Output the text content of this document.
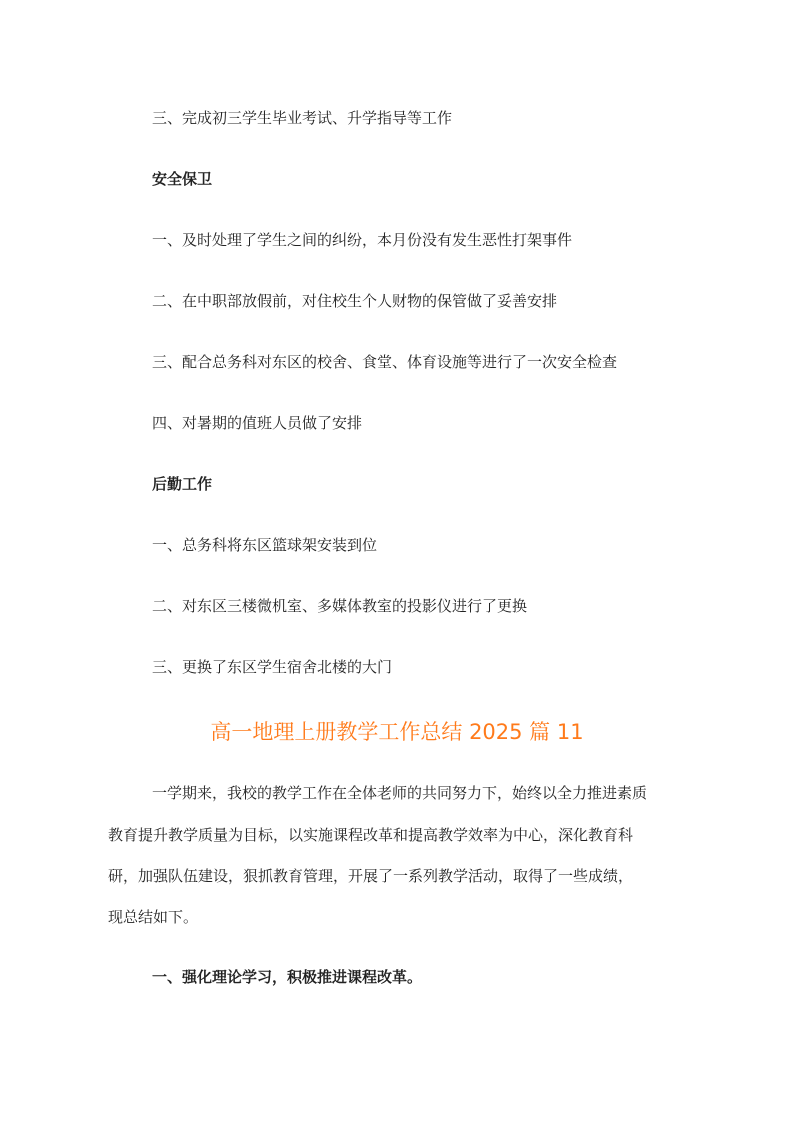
三、完成初三学生毕业考试、升学指导等工作
安全保卫
一、及时处理了学生之间的纠纷，本月份没有发生恶性打架事件
二、在中职部放假前，对住校生个人财物的保管做了妥善安排
三、配合总务科对东区的校舍、食堂、体育设施等进行了一次安全检查
四、对暑期的值班人员做了安排
后勤工作
一、总务科将东区篮球架安装到位
二、对东区三楼微机室、多媒体教室的投影仪进行了更换
三、更换了东区学生宿舍北楼的大门
高一地理上册教学工作总结 2025 篇 11
一学期来，我校的教学工作在全体老师的共同努力下，始终以全力推进素质
教育提升教学质量为目标，以实施课程改革和提高教学效率为中心，深化教育科
研，加强队伍建设，狠抓教育管理，开展了一系列教学活动，取得了一些成绩，
现总结如下。
一、强化理论学习，积极推进课程改革。
